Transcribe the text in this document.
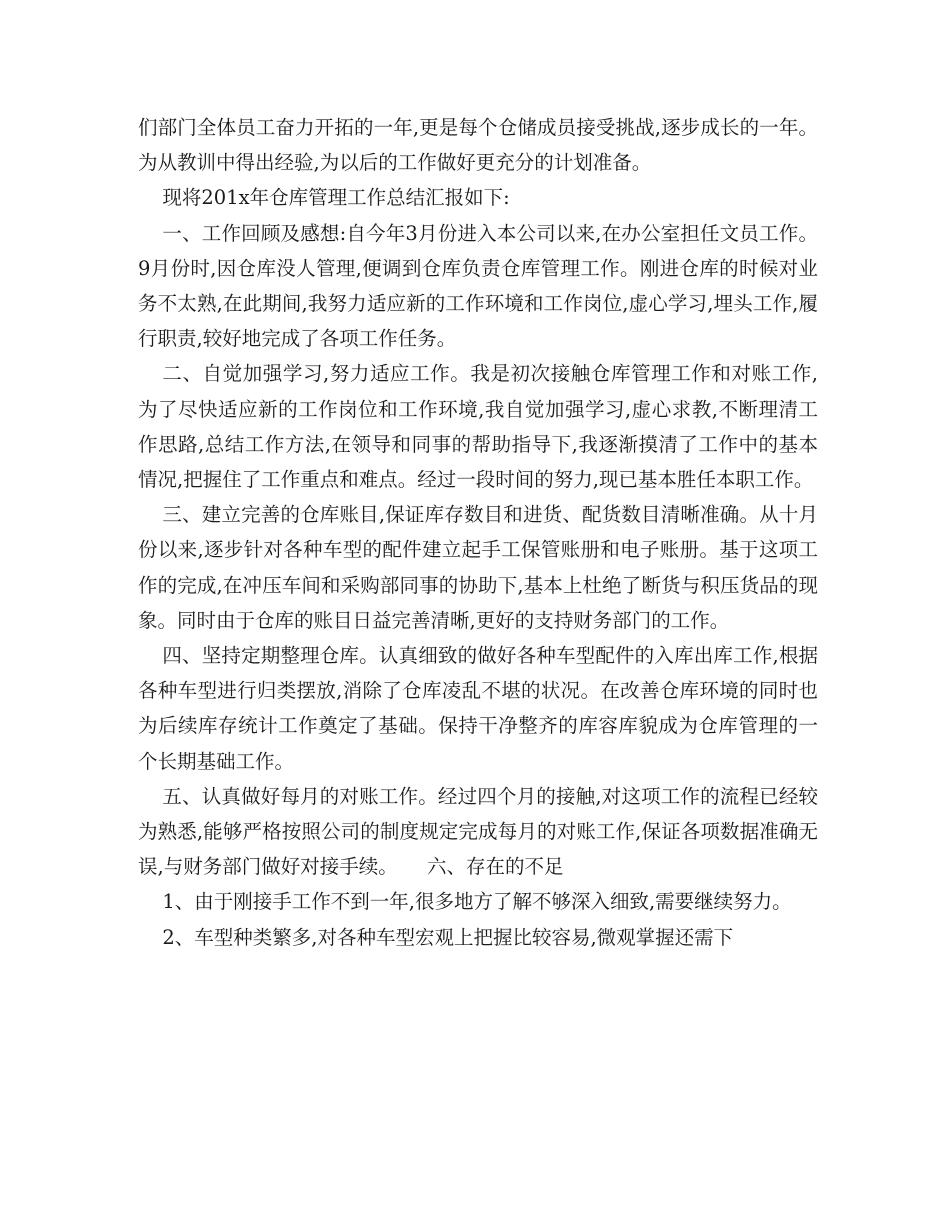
们部门全体员工奋力开拓的一年,更是每个仓储成员接受挑战,逐步成长的一年。为从教训中得出经验,为以后的工作做好更充分的计划准备。

现将201x年仓库管理工作总结汇报如下:

一、工作回顾及感想:自今年3月份进入本公司以来,在办公室担任文员工作。9月份时,因仓库没人管理,便调到仓库负责仓库管理工作。刚进仓库的时候对业务不太熟,在此期间,我努力适应新的工作环境和工作岗位,虚心学习,埋头工作,履行职责,较好地完成了各项工作任务。

二、自觉加强学习,努力适应工作。我是初次接触仓库管理工作和对账工作,为了尽快适应新的工作岗位和工作环境,我自觉加强学习,虚心求教,不断理清工作思路,总结工作方法,在领导和同事的帮助指导下,我逐渐摸清了工作中的基本情况,把握住了工作重点和难点。经过一段时间的努力,现已基本胜任本职工作。

三、建立完善的仓库账目,保证库存数目和进货、配货数目清晰准确。从十月份以来,逐步针对各种车型的配件建立起手工保管账册和电子账册。基于这项工作的完成,在冲压车间和采购部同事的协助下,基本上杜绝了断货与积压货品的现象。同时由于仓库的账目日益完善清晰,更好的支持财务部门的工作。

四、坚持定期整理仓库。认真细致的做好各种车型配件的入库出库工作,根据各种车型进行归类摆放,消除了仓库凌乱不堪的状况。在改善仓库环境的同时也为后续库存统计工作奠定了基础。保持干净整齐的库容库貌成为仓库管理的一个长期基础工作。

五、认真做好每月的对账工作。经过四个月的接触,对这项工作的流程已经较为熟悉,能够严格按照公司的制度规定完成每月的对账工作,保证各项数据准确无误,与财务部门做好对接手续。　　六、存在的不足

1、由于刚接手工作不到一年,很多地方了解不够深入细致,需要继续努力。

2、车型种类繁多,对各种车型宏观上把握比较容易,微观掌握还需下
